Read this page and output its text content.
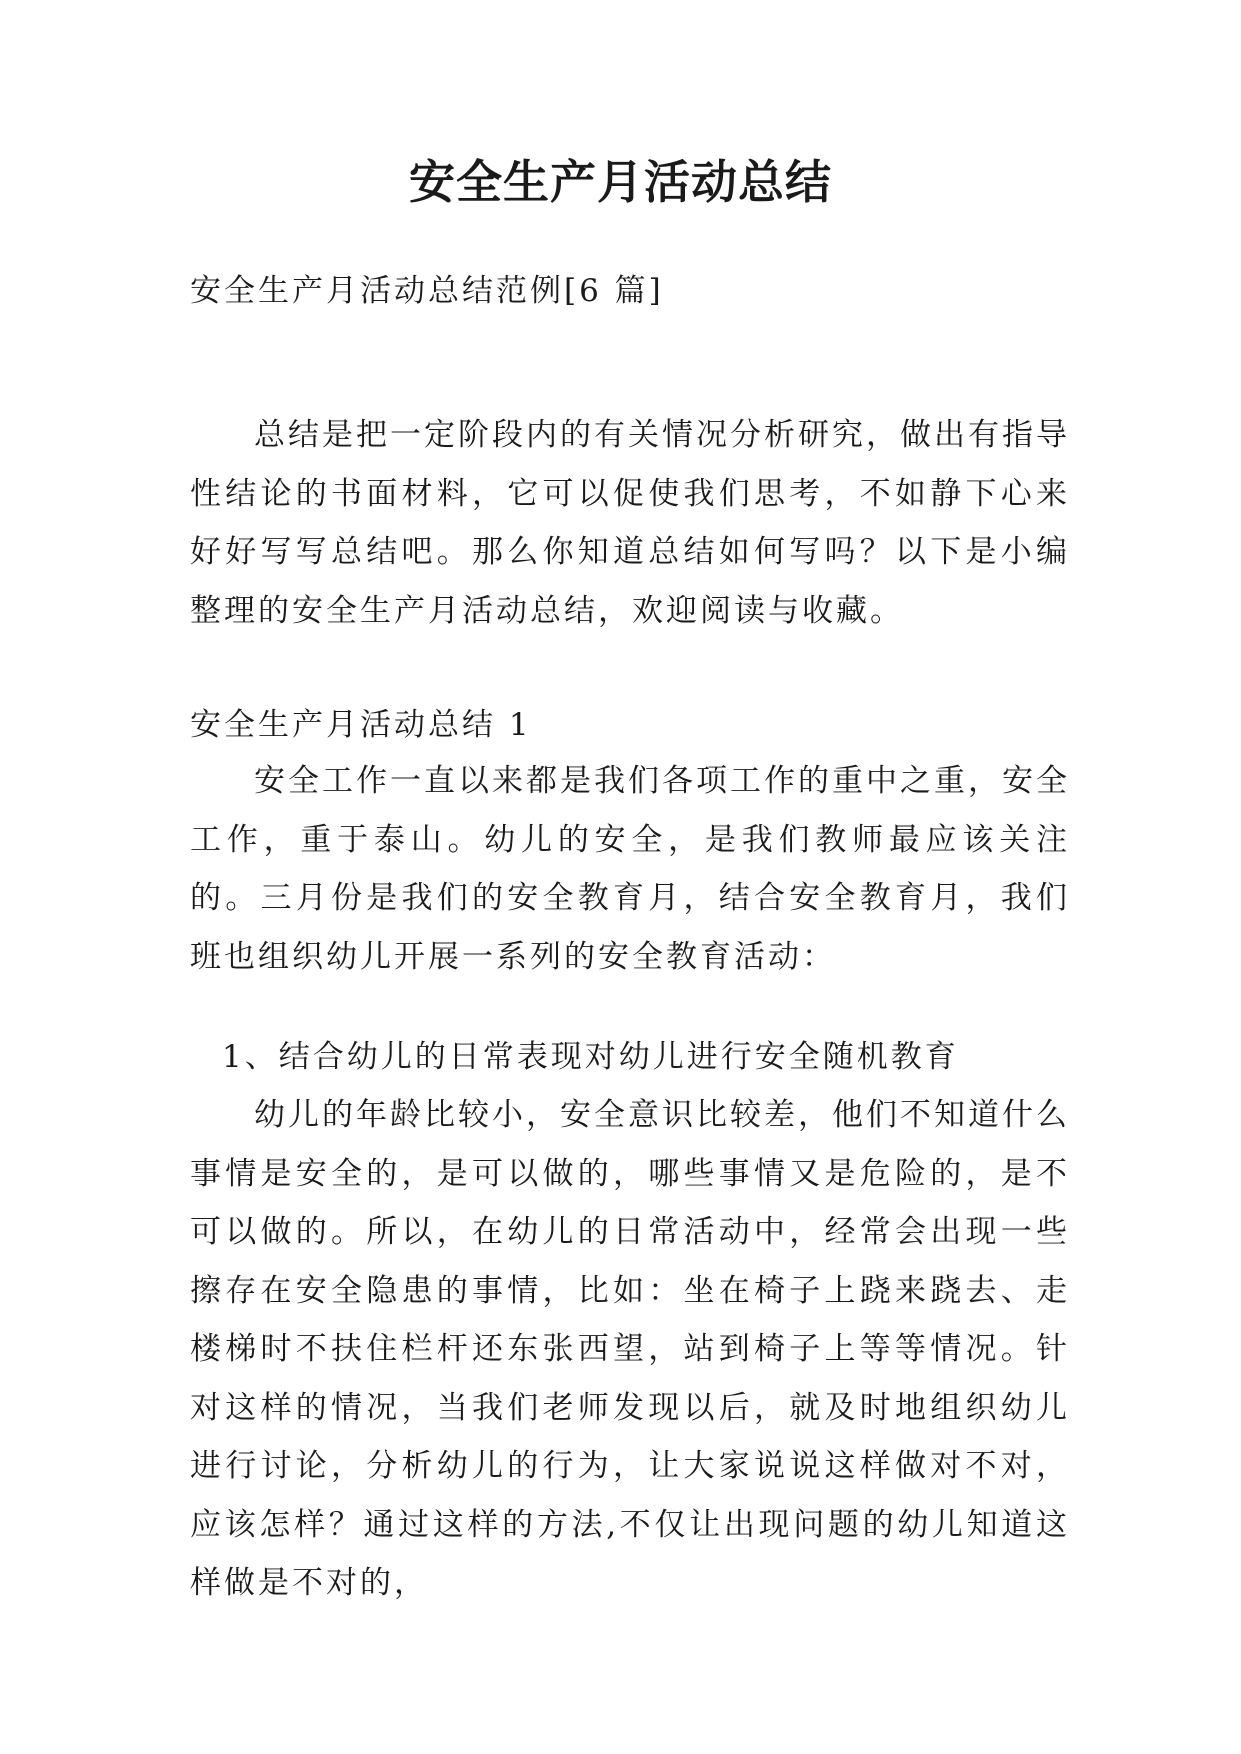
安全生产月活动总结

安全生产月活动总结范例[6 篇]

总结是把一定阶段内的有关情况分析研究，做出有指导性结论的书面材料，它可以促使我们思考，不如静下心来好好写写总结吧。那么你知道总结如何写吗？以下是小编整理的安全生产月活动总结，欢迎阅读与收藏。

安全生产月活动总结 1

安全工作一直以来都是我们各项工作的重中之重，安全工作，重于泰山。幼儿的安全，是我们教师最应该关注的。三月份是我们的安全教育月，结合安全教育月，我们班也组织幼儿开展一系列的安全教育活动：

1、结合幼儿的日常表现对幼儿进行安全随机教育

幼儿的年龄比较小，安全意识比较差，他们不知道什么事情是安全的，是可以做的，哪些事情又是危险的，是不可以做的。所以，在幼儿的日常活动中，经常会出现一些擦存在安全隐患的事情，比如：坐在椅子上跷来跷去、走楼梯时不扶住栏杆还东张西望，站到椅子上等等情况。针对这样的情况，当我们老师发现以后，就及时地组织幼儿进行讨论，分析幼儿的行为，让大家说说这样做对不对，应该怎样？通过这样的方法,不仅让出现问题的幼儿知道这样做是不对的，
